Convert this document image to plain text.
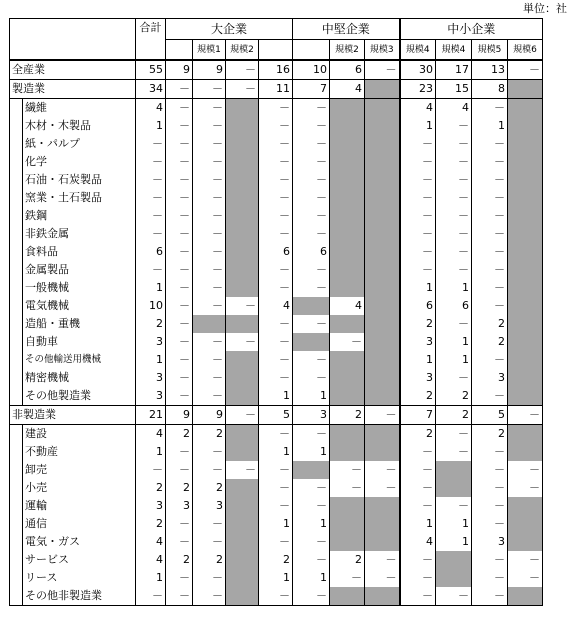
単位：社
		合計	大企業				中堅企業			中小企業			
				規模1	規模2			規模2	規模3	規模4	規模4	規模5	規模6
全産業		55	9	9	－	16	10	6	－	30	17	13	－
製造業		34	－	－	－	11	7	4		23	15	8	
	繊維	4	－	－		－	－			4	4	－	
	木材・木製品	1	－	－		－	－			1	－	1	
	紙・パルプ	－	－	－		－	－			－	－	－	
	化学	－	－	－		－	－			－	－	－	
	石油・石炭製品	－	－	－		－	－			－	－	－	
	窯業・土石製品	－	－	－		－	－			－	－	－	
	鉄鋼	－	－	－		－	－			－	－	－	
	非鉄金属	－	－	－		－	－			－	－	－	
	食料品	6	－	－		6	6			－	－	－	
	金属製品	－	－	－		－	－			－	－	－	
	一般機械	1	－	－		－	－			1	1	－	
	電気機械	10	－	－	－	4		4		6	6	－	
	造船・重機	2	－			－	－			2	－	2	
	自動車	3	－	－	－	－		－		3	1	2	
	その他輸送用機械	1	－	－		－	－			1	1	－	
	精密機械	3	－	－		－	－			3	－	3	
	その他製造業	3	－	－		1	1			2	2	－	
非製造業		21	9	9	－	5	3	2	－	7	2	5	－
	建設	4	2	2		－	－			2	－	2	
	不動産	1	－	－		1	1			－	－	－	
	卸売	－	－	－	－	－		－	－	－		－	－
	小売	2	2	2		－	－	－	－	－		－	－
	運輸	3	3	3		－	－			－	－	－	
	通信	2	－	－		1	1			1	1	－	
	電気・ガス	4	－	－		－	－			4	1	3	
	サービス	4	2	2		2	－	2	－	－		－	－
	リース	1	－	－		1	1	－	－	－		－	－
	その他非製造業	－	－	－		－	－			－	－	－	
